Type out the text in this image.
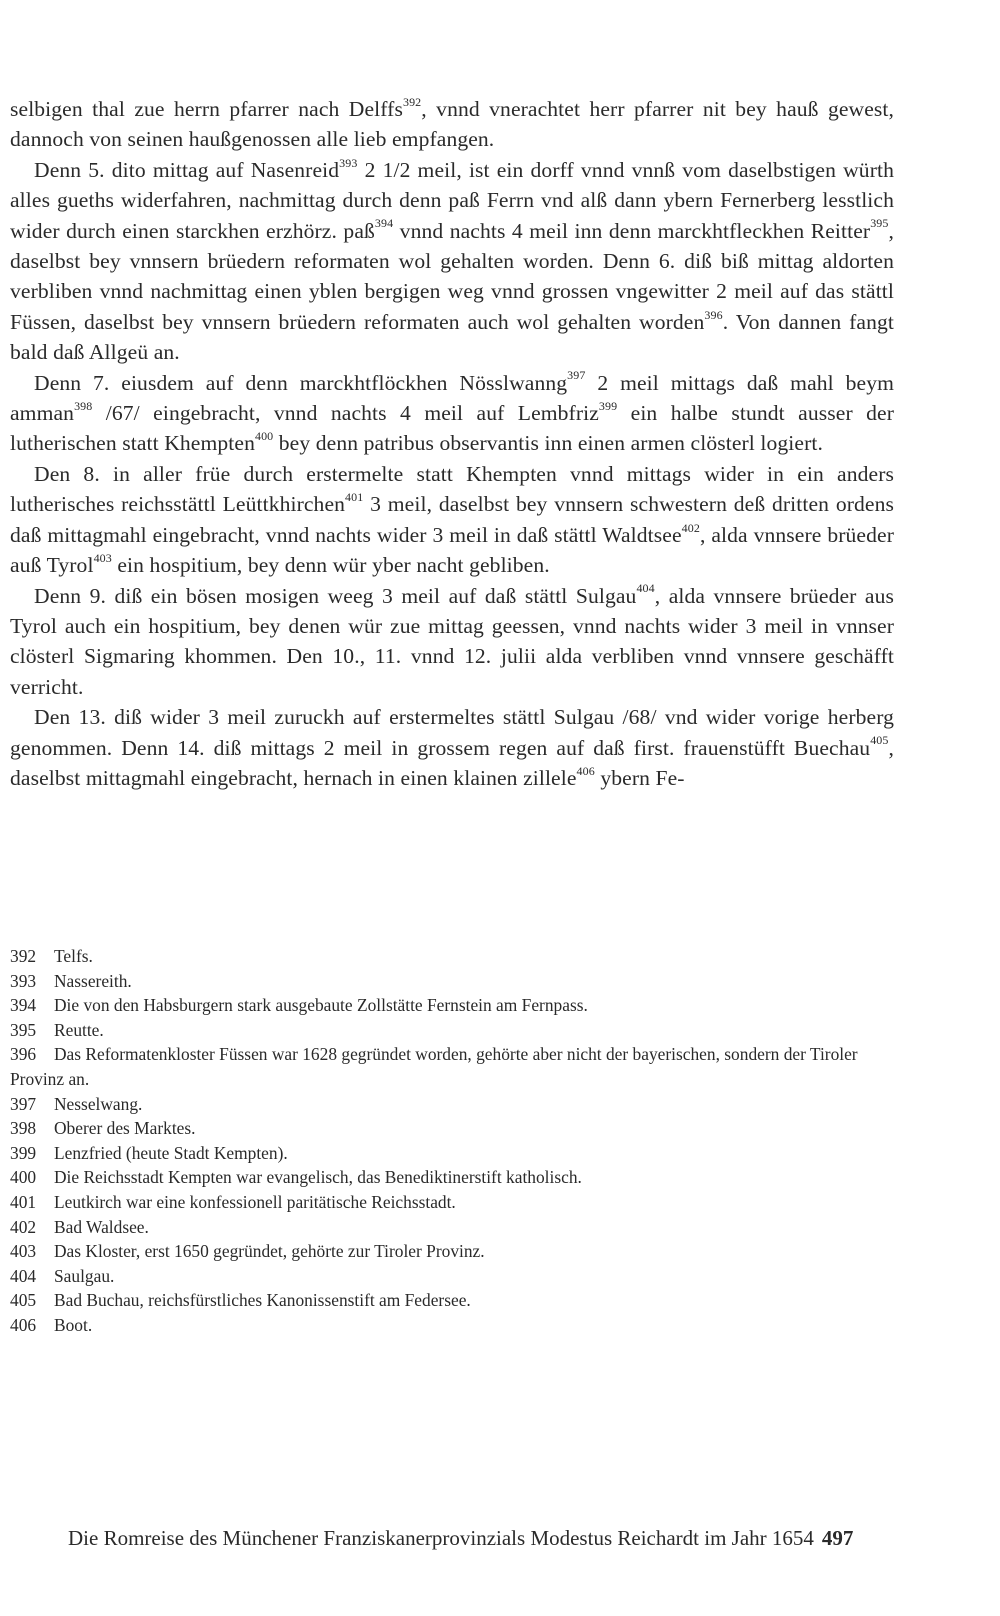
selbigen thal zue herrn pfarrer nach Delffs$^{392}$, vnnd vnerachtet herr pfarrer nit bey hauß gewest, dannoch von seinen haußgenossen alle lieb empfangen.

Denn 5. dito mittag auf Nasenreid$^{393}$ 2 1/2 meil, ist ein dorff vnnd vnnß vom daselbstigen würth alles gueths widerfahren, nachmittag durch denn paß Ferrn vnd alß dann ybern Fernerberg lesstlich wider durch einen starckhen erzhörz. paß$^{394}$ vnnd nachts 4 meil inn denn marckhtfleckhen Reitter$^{395}$, daselbst bey vnnsern brüedern reformaten wol gehalten worden. Denn 6. diß biß mittag aldorten verbliben vnnd nachmittag einen yblen bergigen weg vnnd grossen vngewitter 2 meil auf das stättl Füssen, daselbst bey vnnsern brüedern reformaten auch wol gehalten worden$^{396}$. Von dannen fangt bald daß Allgeü an.

Denn 7. eiusdem auf denn marckhtflöckhen Nösslwanng$^{397}$ 2 meil mittags daß mahl beym amman$^{398}$ /67/ eingebracht, vnnd nachts 4 meil auf Lembfriz$^{399}$ ein halbe stundt ausser der lutherischen statt Khempten$^{400}$ bey denn patribus observantis inn einen armen clösterl logiert.

Den 8. in aller früe durch erstermelte statt Khempten vnnd mittags wider in ein anders lutherisches reichsstättl Leüttkhirchen$^{401}$ 3 meil, daselbst bey vnnsern schwestern deß dritten ordens daß mittagmahl eingebracht, vnnd nachts wider 3 meil in daß stättl Waldtsee$^{402}$, alda vnnsere brüeder auß Tyrol$^{403}$ ein hospitium, bey denn wür yber nacht gebliben.

Denn 9. diß ein bösen mosigen weeg 3 meil auf daß stättl Sulgau$^{404}$, alda vnnsere brüeder aus Tyrol auch ein hospitium, bey denen wür zue mittag geessen, vnnd nachts wider 3 meil in vnnser clösterl Sigmaring khommen. Den 10., 11. vnnd 12. julii alda verbliben vnnd vnnsere geschäfft verricht.

Den 13. diß wider 3 meil zuruckh auf erstermeltes stättl Sulgau /68/ vnd wider vorige herberg genommen. Denn 14. diß mittags 2 meil in grossem regen auf daß first. frauenstüfft Buechau$^{405}$, daselbst mittagmahl eingebracht, hernach in einen klainen zillele$^{406}$ ybern Fe-

392 Telfs.
393 Nassereith.
394 Die von den Habsburgern stark ausgebaute Zollstätte Fernstein am Fernpass.
395 Reutte.
396 Das Reformatenkloster Füssen war 1628 gegründet worden, gehörte aber nicht der bayerischen, sondern der Tiroler Provinz an.
397 Nesselwang.
398 Oberer des Marktes.
399 Lenzfried (heute Stadt Kempten).
400 Die Reichsstadt Kempten war evangelisch, das Benediktinerstift katholisch.
401 Leutkirch war eine konfessionell paritätische Reichsstadt.
402 Bad Waldsee.
403 Das Kloster, erst 1650 gegründet, gehörte zur Tiroler Provinz.
404 Saulgau.
405 Bad Buchau, reichsfürstliches Kanonissenstift am Federsee.
406 Boot.
Die Romreise des Münchener Franziskanerprovinzials Modestus Reichardt im Jahr 1654 497
